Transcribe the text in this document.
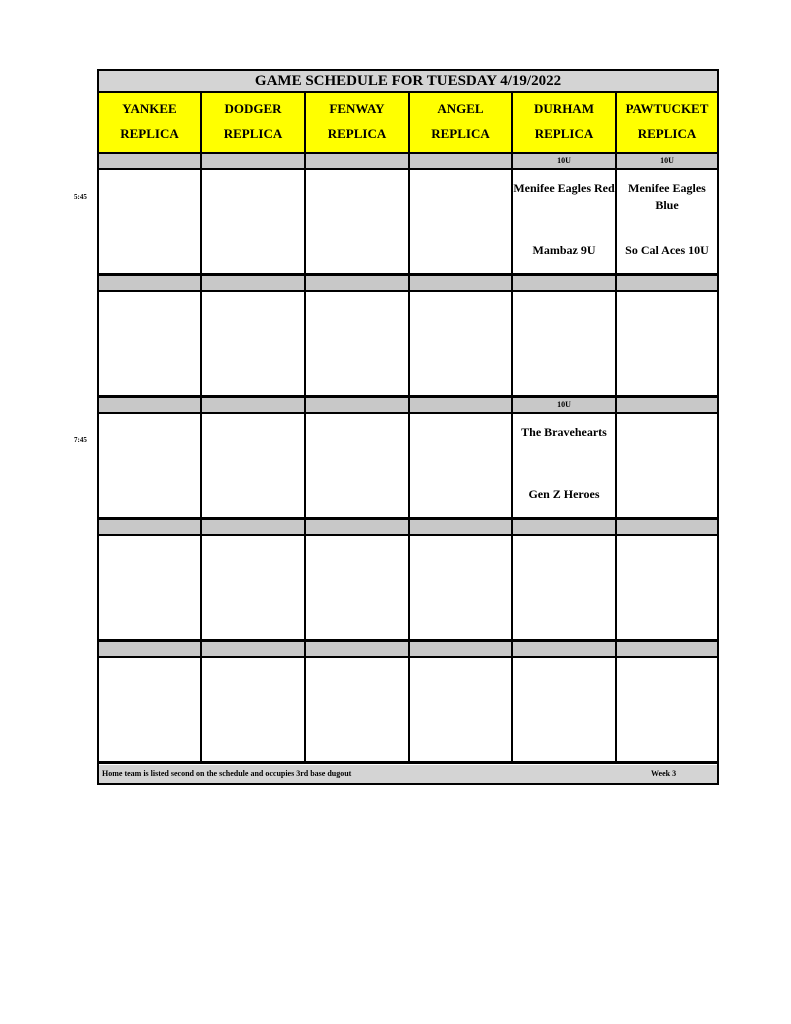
5:45
7:45
GAME SCHEDULE FOR TUESDAY 4/19/2022
YANKEE
REPLICA
DODGER
REPLICA
FENWAY
REPLICA
ANGEL
REPLICA
DURHAM
REPLICA
PAWTUCKET
REPLICA
10U
Menifee Eagles Red
Mambaz 9U
10U
Menifee Eagles Blue
So Cal Aces 10U
10U
The Bravehearts
Gen Z Heroes
Home team is listed second on the schedule and occupies 3rd base dugout	Week 3
